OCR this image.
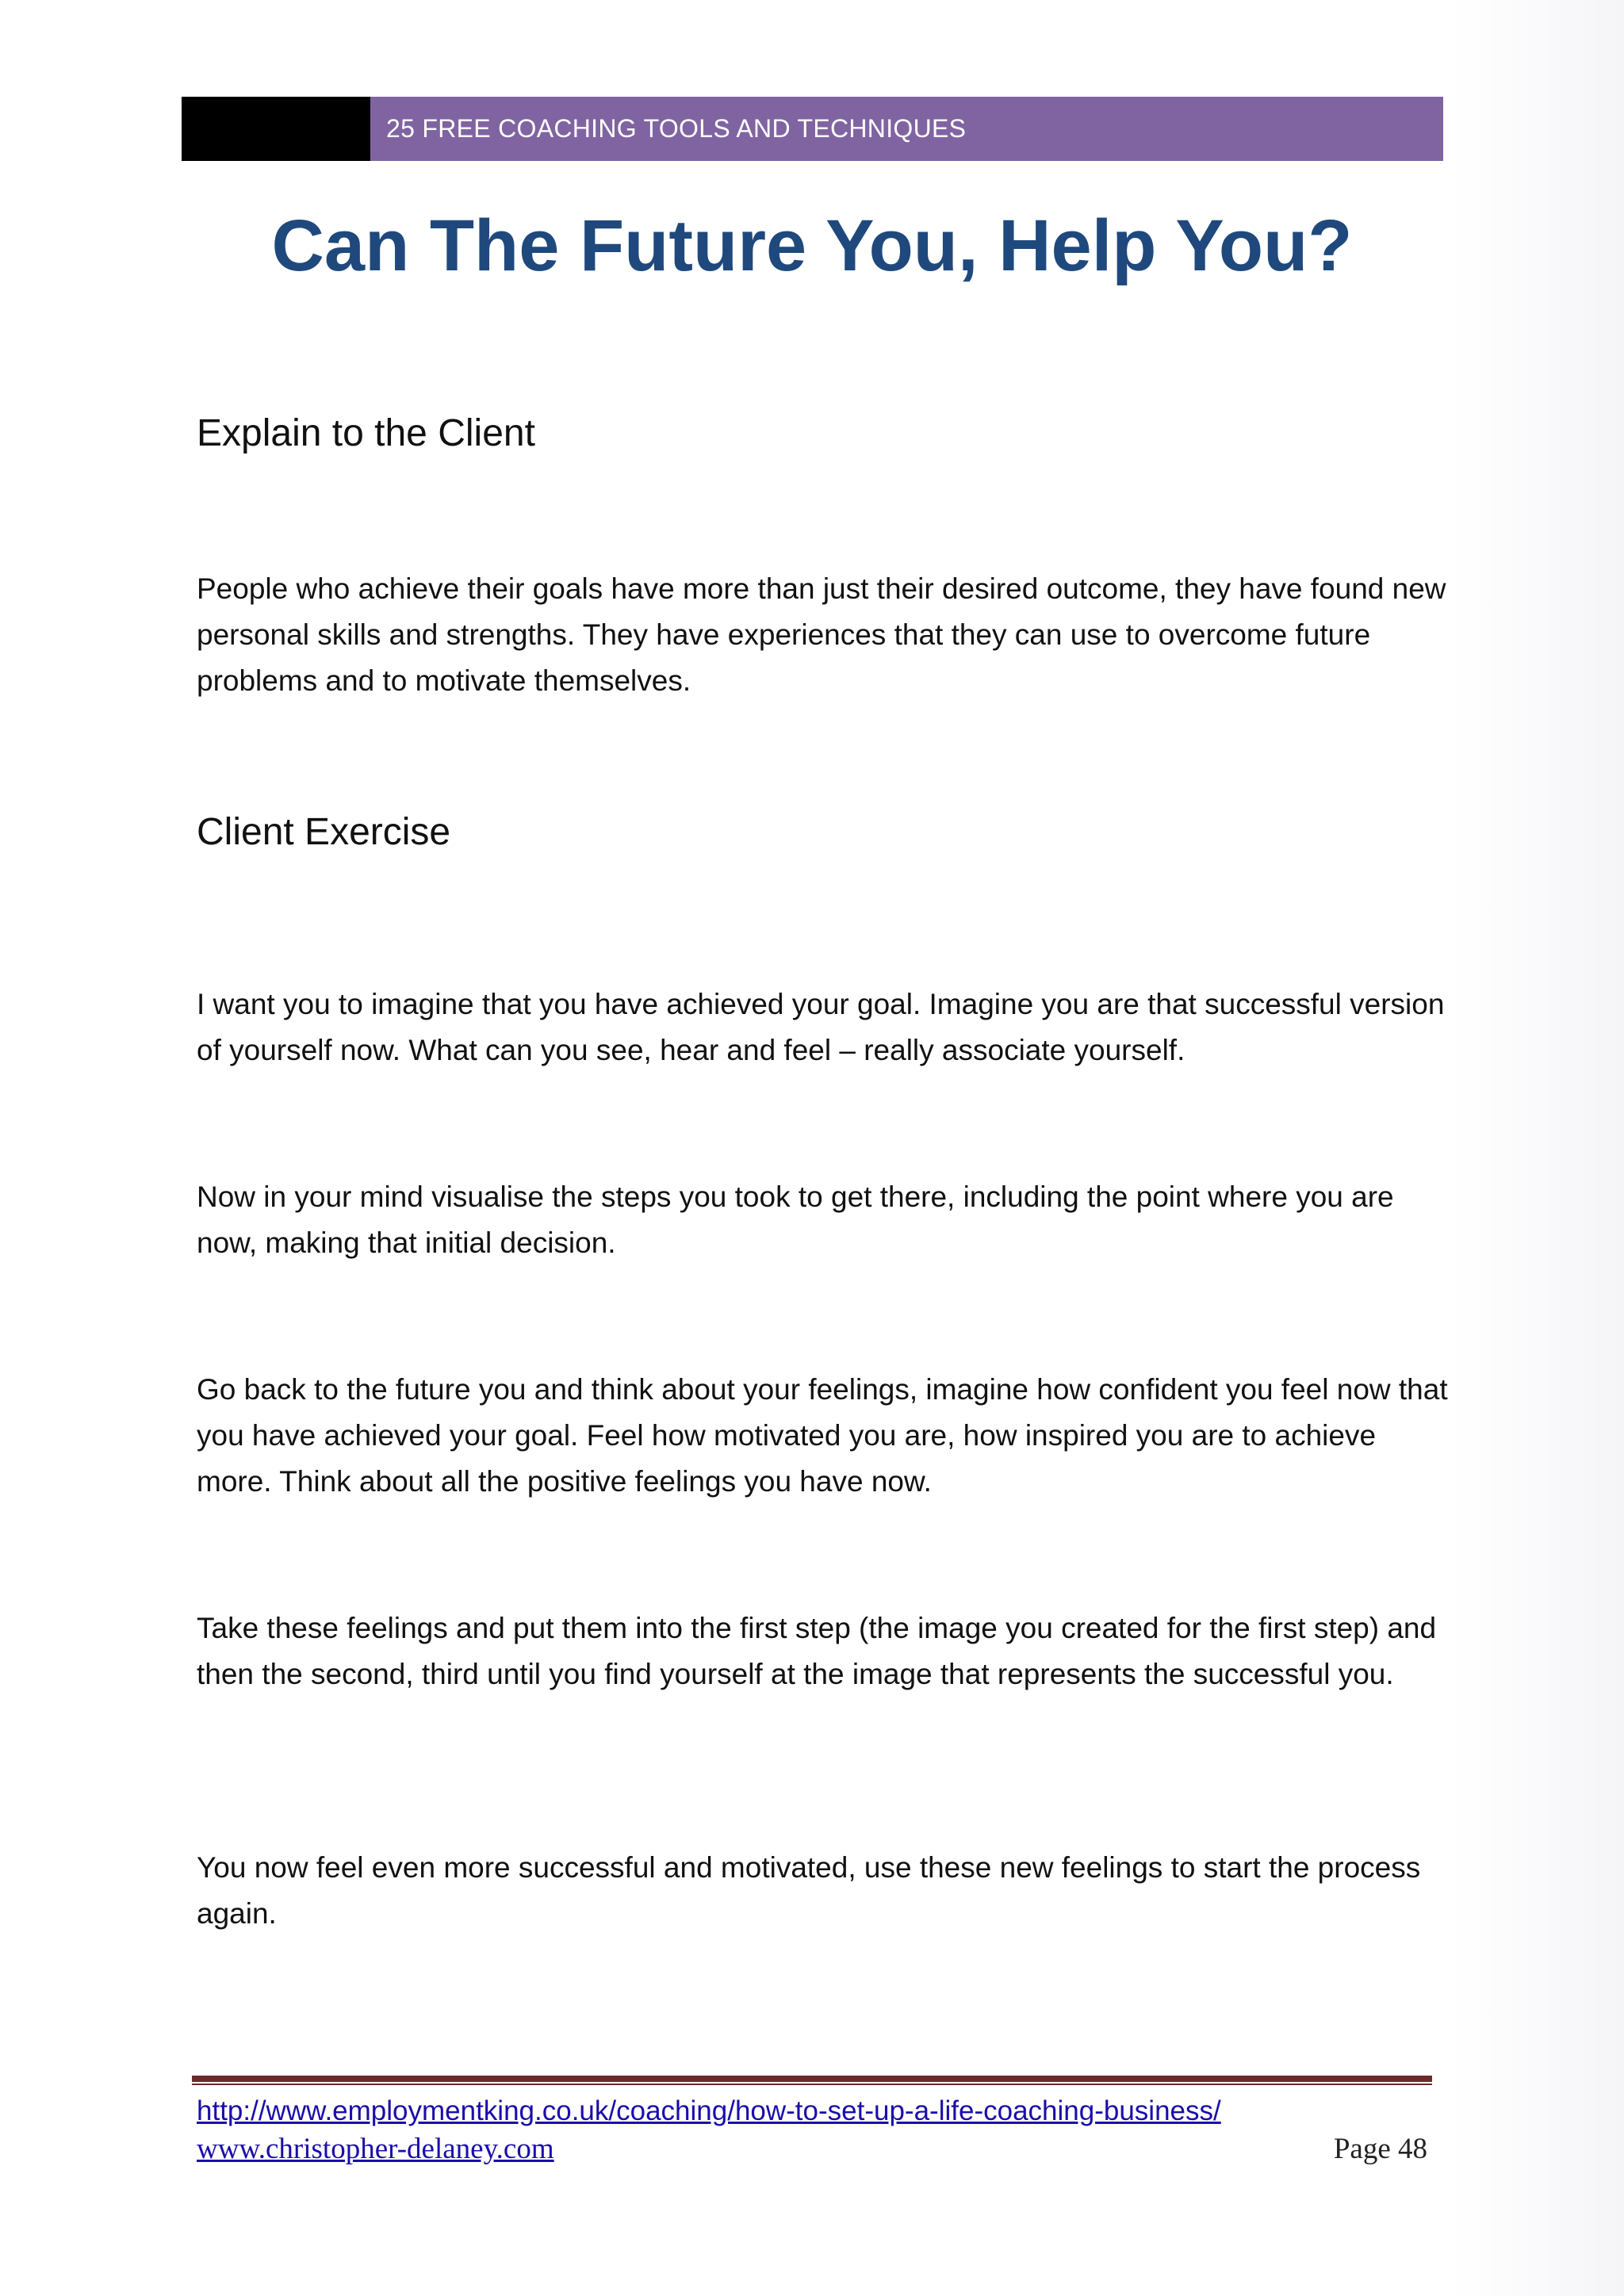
25 FREE COACHING TOOLS AND TECHNIQUES
Can The Future You, Help You?
Explain to the Client

People who achieve their goals have more than just their desired outcome, they have found new personal skills and strengths. They have experiences that they can use to overcome future problems and to motivate themselves.

Client Exercise

I want you to imagine that you have achieved your goal. Imagine you are that successful version of yourself now. What can you see, hear and feel – really associate yourself.

Now in your mind visualise the steps you took to get there, including the point where you are now, making that initial decision.

Go back to the future you and think about your feelings, imagine how confident you feel now that you have achieved your goal. Feel how motivated you are, how inspired you are to achieve more. Think about all the positive feelings you have now.

Take these feelings and put them into the first step (the image you created for the first step) and then the second, third until you find yourself at the image that represents the successful you.

You now feel even more successful and motivated, use these new feelings to start the process again.

http://www.employmentking.co.uk/coaching/how-to-set-up-a-life-coaching-business/
www.christopher-delaney.com	Page 48
